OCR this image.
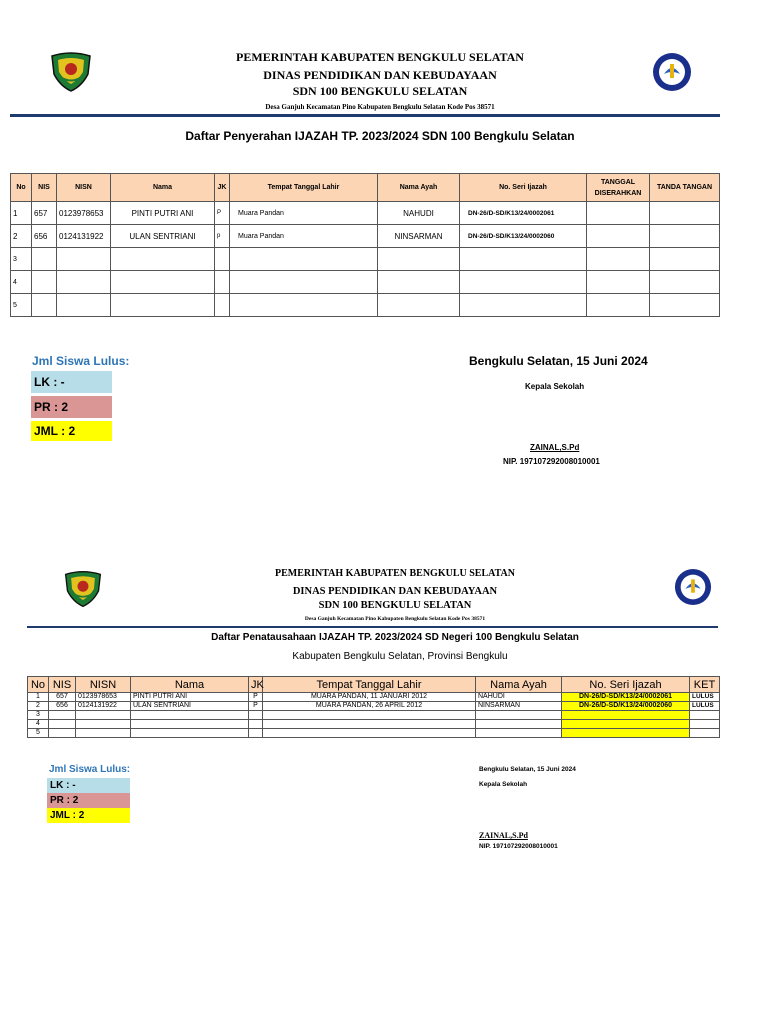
PEMERINTAH KABUPATEN BENGKULU SELATAN
DINAS PENDIDIKAN DAN KEBUDAYAAN
SDN 100 BENGKULU SELATAN
Desa Ganjuh Kecamatan Pino Kabupaten Bengkulu Selatan Kode Pos 38571
Daftar Penyerahan IJAZAH TP. 2023/2024 SDN 100 Bengkulu Selatan
No	NIS	NISN	Nama	JK	Tempat Tanggal Lahir	Nama Ayah	No. Seri Ijazah	TANGGAL DISERAHKAN	TANDA TANGAN
1	657	0123978653	PINTI PUTRI ANI	P	Muara Pandan	NAHUDI	DN-26/D-SD/K13/24/0002061		
2	656	0124131922	ULAN SENTRIANI	p	Muara Pandan	NINSARMAN	DN-26/D-SD/K13/24/0002060		
3									
4									
5									
Jml Siswa Lulus:
LK : -
PR : 2
JML : 2
Bengkulu Selatan, 15 Juni 2024
Kepala Sekolah
ZAINAL,S.Pd
NIP. 197107292008010001
PEMERINTAH KABUPATEN BENGKULU SELATAN
DINAS PENDIDIKAN DAN KEBUDAYAAN
SDN 100 BENGKULU SELATAN
Desa Ganjuh Kecamatan Pino Kabupaten Bengkulu Selatan Kode Pos 38571
Daftar Penatausahaan IJAZAH TP. 2023/2024 SD Negeri 100 Bengkulu Selatan
Kabupaten Bengkulu Selatan, Provinsi Bengkulu
No	NIS	NISN	Nama	JK	Tempat Tanggal Lahir	Nama Ayah	No. Seri Ijazah	KET
1	657	0123978653	PINTI PUTRI ANI	P	MUARA PANDAN, 11 JANUARI 2012	NAHUDI	DN-26/D-SD/K13/24/0002061	LULUS
2	656	0124131922	ULAN SENTRIANI	P	MUARA PANDAN, 26 APRIL 2012	NINSARMAN	DN-26/D-SD/K13/24/0002060	LULUS
3								
4								
5								
Jml Siswa Lulus:
LK : -
PR : 2
JML : 2
Bengkulu Selatan, 15 Juni 2024
Kepala Sekolah
ZAINAL,S.Pd
NIP. 197107292008010001
